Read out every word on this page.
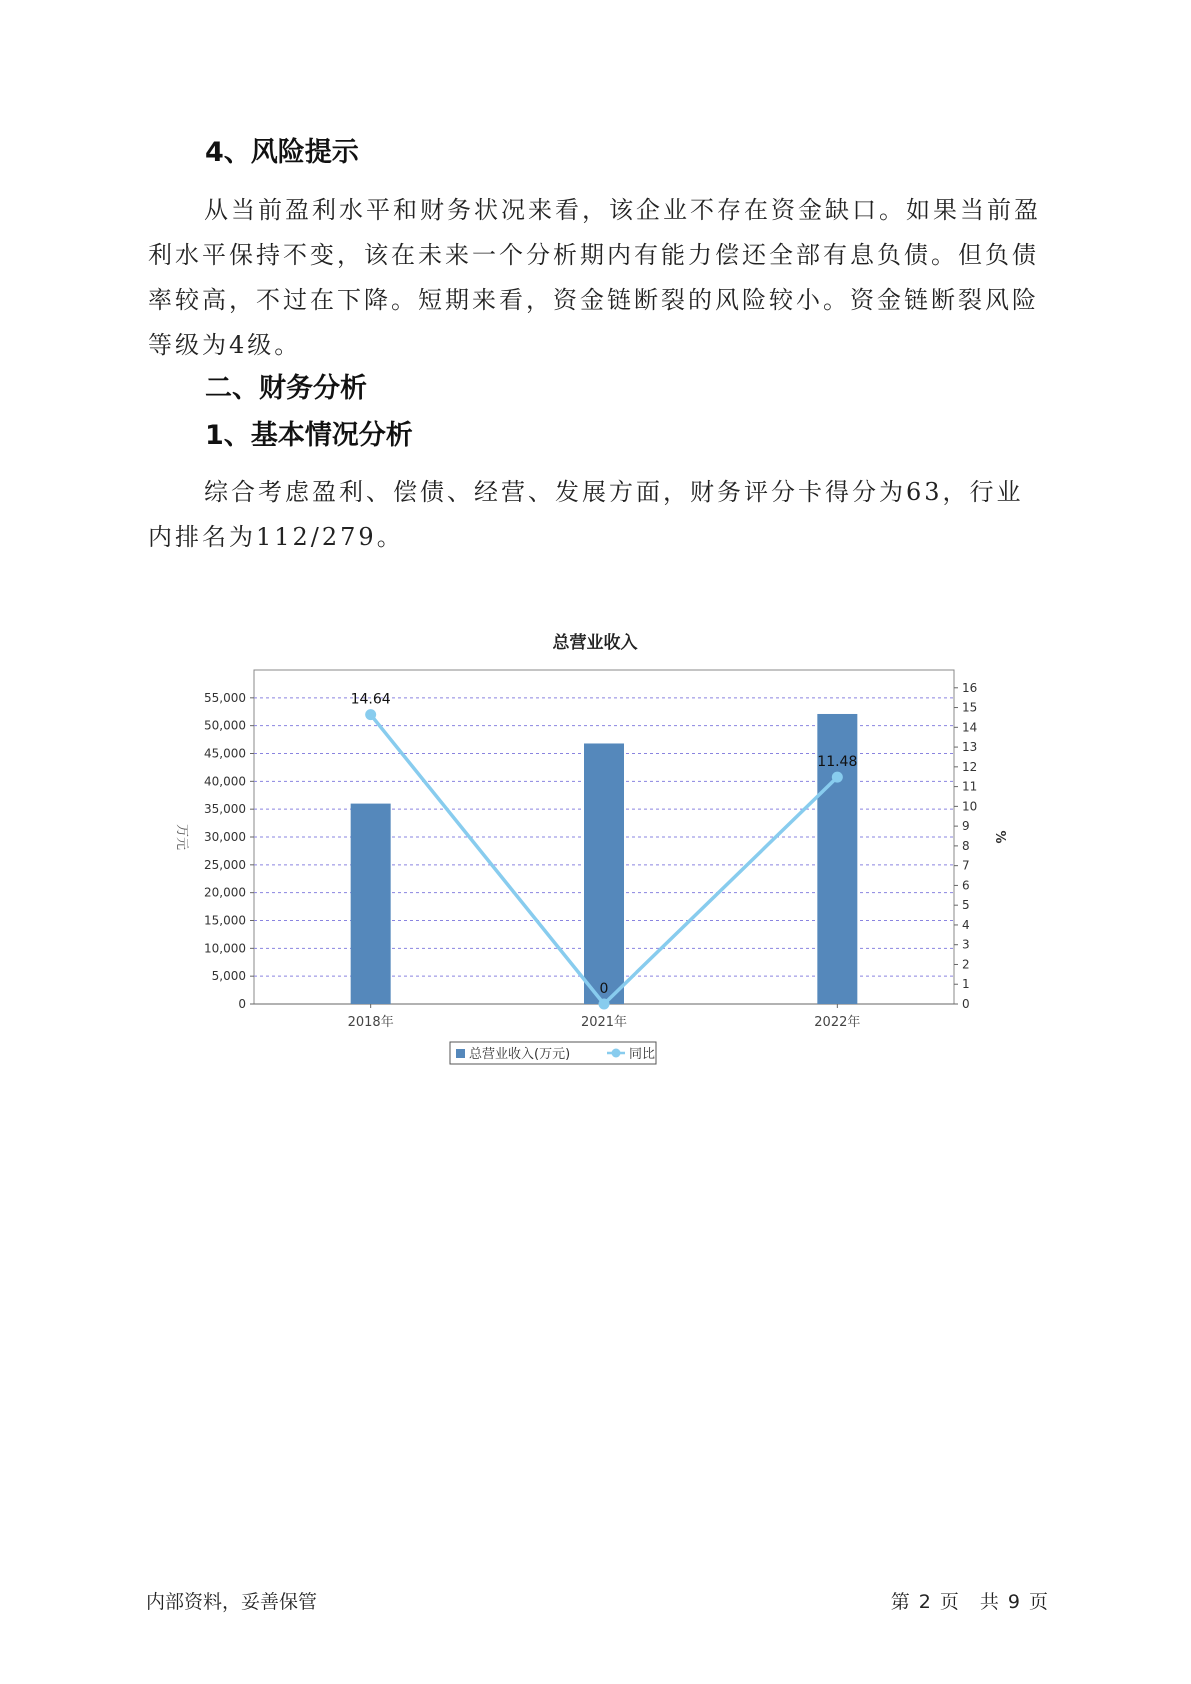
4、风险提示

从当前盈利水平和财务状况来看，该企业不存在资金缺口。如果当前盈利水平保持不变，该在未来一个分析期内有能力偿还全部有息负债。但负债率较高，不过在下降。短期来看，资金链断裂的风险较小。资金链断裂风险等级为4级。

二、财务分析
1、基本情况分析

综合考虑盈利、偿债、经营、发展方面，财务评分卡得分为63，行业内排名为112/279。

总营业收入
0
5,000
10,000
15,000
20,000
25,000
30,000
35,000
40,000
45,000
50,000
55,000
0
1
2
3
4
5
6
7
8
9
10
11
12
13
14
15
16
万元	%
2018年	2021年	2022年
14.64
0
11.48
总营业收入(万元)	同比
内部资料，妥善保管	第 2 页　共 9 页
